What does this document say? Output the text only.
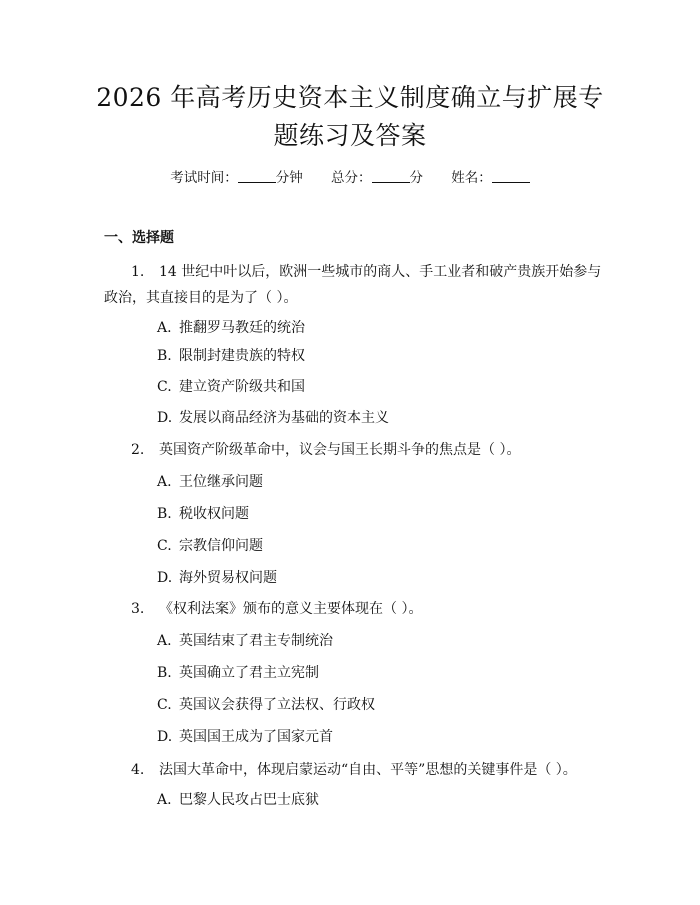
2026 年高考历史资本主义制度确立与扩展专
题练习及答案
考试时间：	分钟 总分：	分 姓名：
一、选择题
1. 14 世纪中叶以后，欧洲一些城市的商人、手工业者和破产贵族开始参与
政治，其直接目的是为了（ ）。
A. 推翻罗马教廷的统治
B. 限制封建贵族的特权
C. 建立资产阶级共和国
D. 发展以商品经济为基础的资本主义
2. 英国资产阶级革命中，议会与国王长期斗争的焦点是（ ）。
A. 王位继承问题
B. 税收权问题
C. 宗教信仰问题
D. 海外贸易权问题
3. 《权利法案》颁布的意义主要体现在（ ）。
A. 英国结束了君主专制统治
B. 英国确立了君主立宪制
C. 英国议会获得了立法权、行政权
D. 英国国王成为了国家元首
4. 法国大革命中，体现启蒙运动“自由、平等”思想的关键事件是（ ）。
A. 巴黎人民攻占巴士底狱
